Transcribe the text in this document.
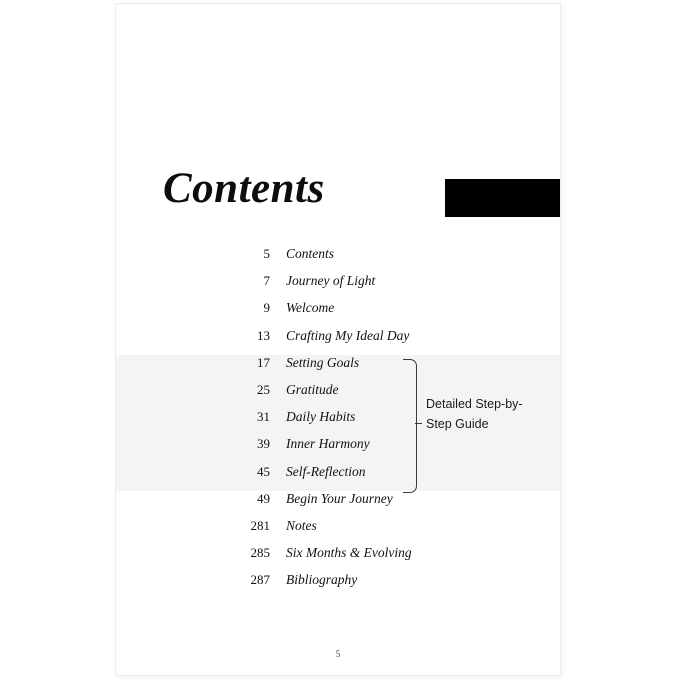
Contents
5 Contents
7 Journey of Light
9 Welcome
13 Crafting My Ideal Day
17 Setting Goals
25 Gratitude
31 Daily Habits
39 Inner Harmony
45 Self-Reflection
49 Begin Your Journey
281 Notes
285 Six Months & Evolving
287 Bibliography
Detailed Step-by-Step Guide
5
